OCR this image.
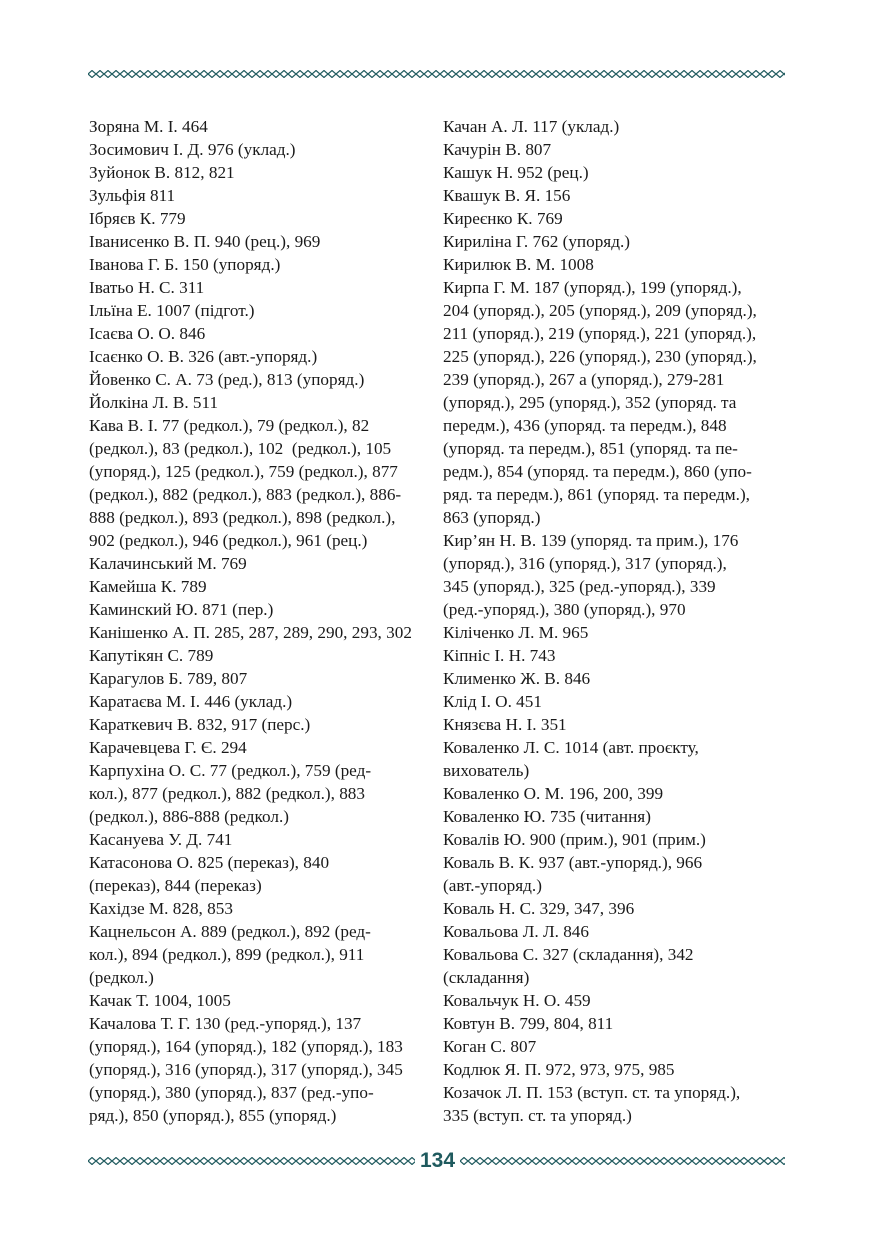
Зоряна М. І. 464
Зосимович І. Д. 976 (уклад.)
Зуйонок В. 812, 821
Зульфія 811
Ібряєв К. 779
Іванисенко В. П. 940 (рец.), 969
Іванова Г. Б. 150 (упоряд.)
Іватьо Н. С. 311
Ільїна Е. 1007 (підгот.)
Ісаєва О. О. 846
Ісаєнко О. В. 326 (авт.-упоряд.)
Йовенко С. А. 73 (ред.), 813 (упоряд.)
Йолкіна Л. В. 511
Кава В. І. 77 (редкол.), 79 (редкол.), 82
(редкол.), 83 (редкол.), 102  (редкол.), 105
(упоряд.), 125 (редкол.), 759 (редкол.), 877
(редкол.), 882 (редкол.), 883 (редкол.), 886-
888 (редкол.), 893 (редкол.), 898 (редкол.),
902 (редкол.), 946 (редкол.), 961 (рец.)
Калачинський М. 769
Камейша К. 789
Каминский Ю. 871 (пер.)
Канішенко А. П. 285, 287, 289, 290, 293, 302
Капутікян С. 789
Карагулов Б. 789, 807
Каратаєва М. І. 446 (уклад.)
Караткевич В. 832, 917 (перс.)
Карачевцева Г. Є. 294
Карпухіна О. С. 77 (редкол.), 759 (ред-
кол.), 877 (редкол.), 882 (редкол.), 883
(редкол.), 886-888 (редкол.)
Касануева У. Д. 741
Катасонова О. 825 (переказ), 840
(переказ), 844 (переказ)
Кахідзе М. 828, 853
Кацнельсон А. 889 (редкол.), 892 (ред-
кол.), 894 (редкол.), 899 (редкол.), 911
(редкол.)
Качак Т. 1004, 1005
Качалова Т. Г. 130 (ред.-упоряд.), 137
(упоряд.), 164 (упоряд.), 182 (упоряд.), 183
(упоряд.), 316 (упоряд.), 317 (упоряд.), 345
(упоряд.), 380 (упоряд.), 837 (ред.-упо-
ряд.), 850 (упоряд.), 855 (упоряд.)
Качан А. Л. 117 (уклад.)
Качурін В. 807
Кашук Н. 952 (рец.)
Квашук В. Я. 156
Киреєнко К. 769
Кириліна Г. 762 (упоряд.)
Кирилюк В. М. 1008
Кирпа Г. М. 187 (упоряд.), 199 (упоряд.),
204 (упоряд.), 205 (упоряд.), 209 (упоряд.),
211 (упоряд.), 219 (упоряд.), 221 (упоряд.),
225 (упоряд.), 226 (упоряд.), 230 (упоряд.),
239 (упоряд.), 267 а (упоряд.), 279-281
(упоряд.), 295 (упоряд.), 352 (упоряд. та
передм.), 436 (упоряд. та передм.), 848
(упоряд. та передм.), 851 (упоряд. та пе-
редм.), 854 (упоряд. та передм.), 860 (упо-
ряд. та передм.), 861 (упоряд. та передм.),
863 (упоряд.)
Кир’ян Н. В. 139 (упоряд. та прим.), 176
(упоряд.), 316 (упоряд.), 317 (упоряд.),
345 (упоряд.), 325 (ред.-упоряд.), 339
(ред.-упоряд.), 380 (упоряд.), 970
Кіліченко Л. М. 965
Кіпніс І. Н. 743
Клименко Ж. В. 846
Клід І. О. 451
Князєва Н. І. 351
Коваленко Л. С. 1014 (авт. проєкту,
вихователь)
Коваленко О. М. 196, 200, 399
Коваленко Ю. 735 (читання)
Ковалів Ю. 900 (прим.), 901 (прим.)
Коваль В. К. 937 (авт.-упоряд.), 966
(авт.-упоряд.)
Коваль Н. С. 329, 347, 396
Ковальова Л. Л. 846
Ковальова С. 327 (складання), 342
(складання)
Ковальчук Н. О. 459
Ковтун В. 799, 804, 811
Коган С. 807
Кодлюк Я. П. 972, 973, 975, 985
Козачок Л. П. 153 (вступ. ст. та упоряд.),
335 (вступ. ст. та упоряд.)
134
